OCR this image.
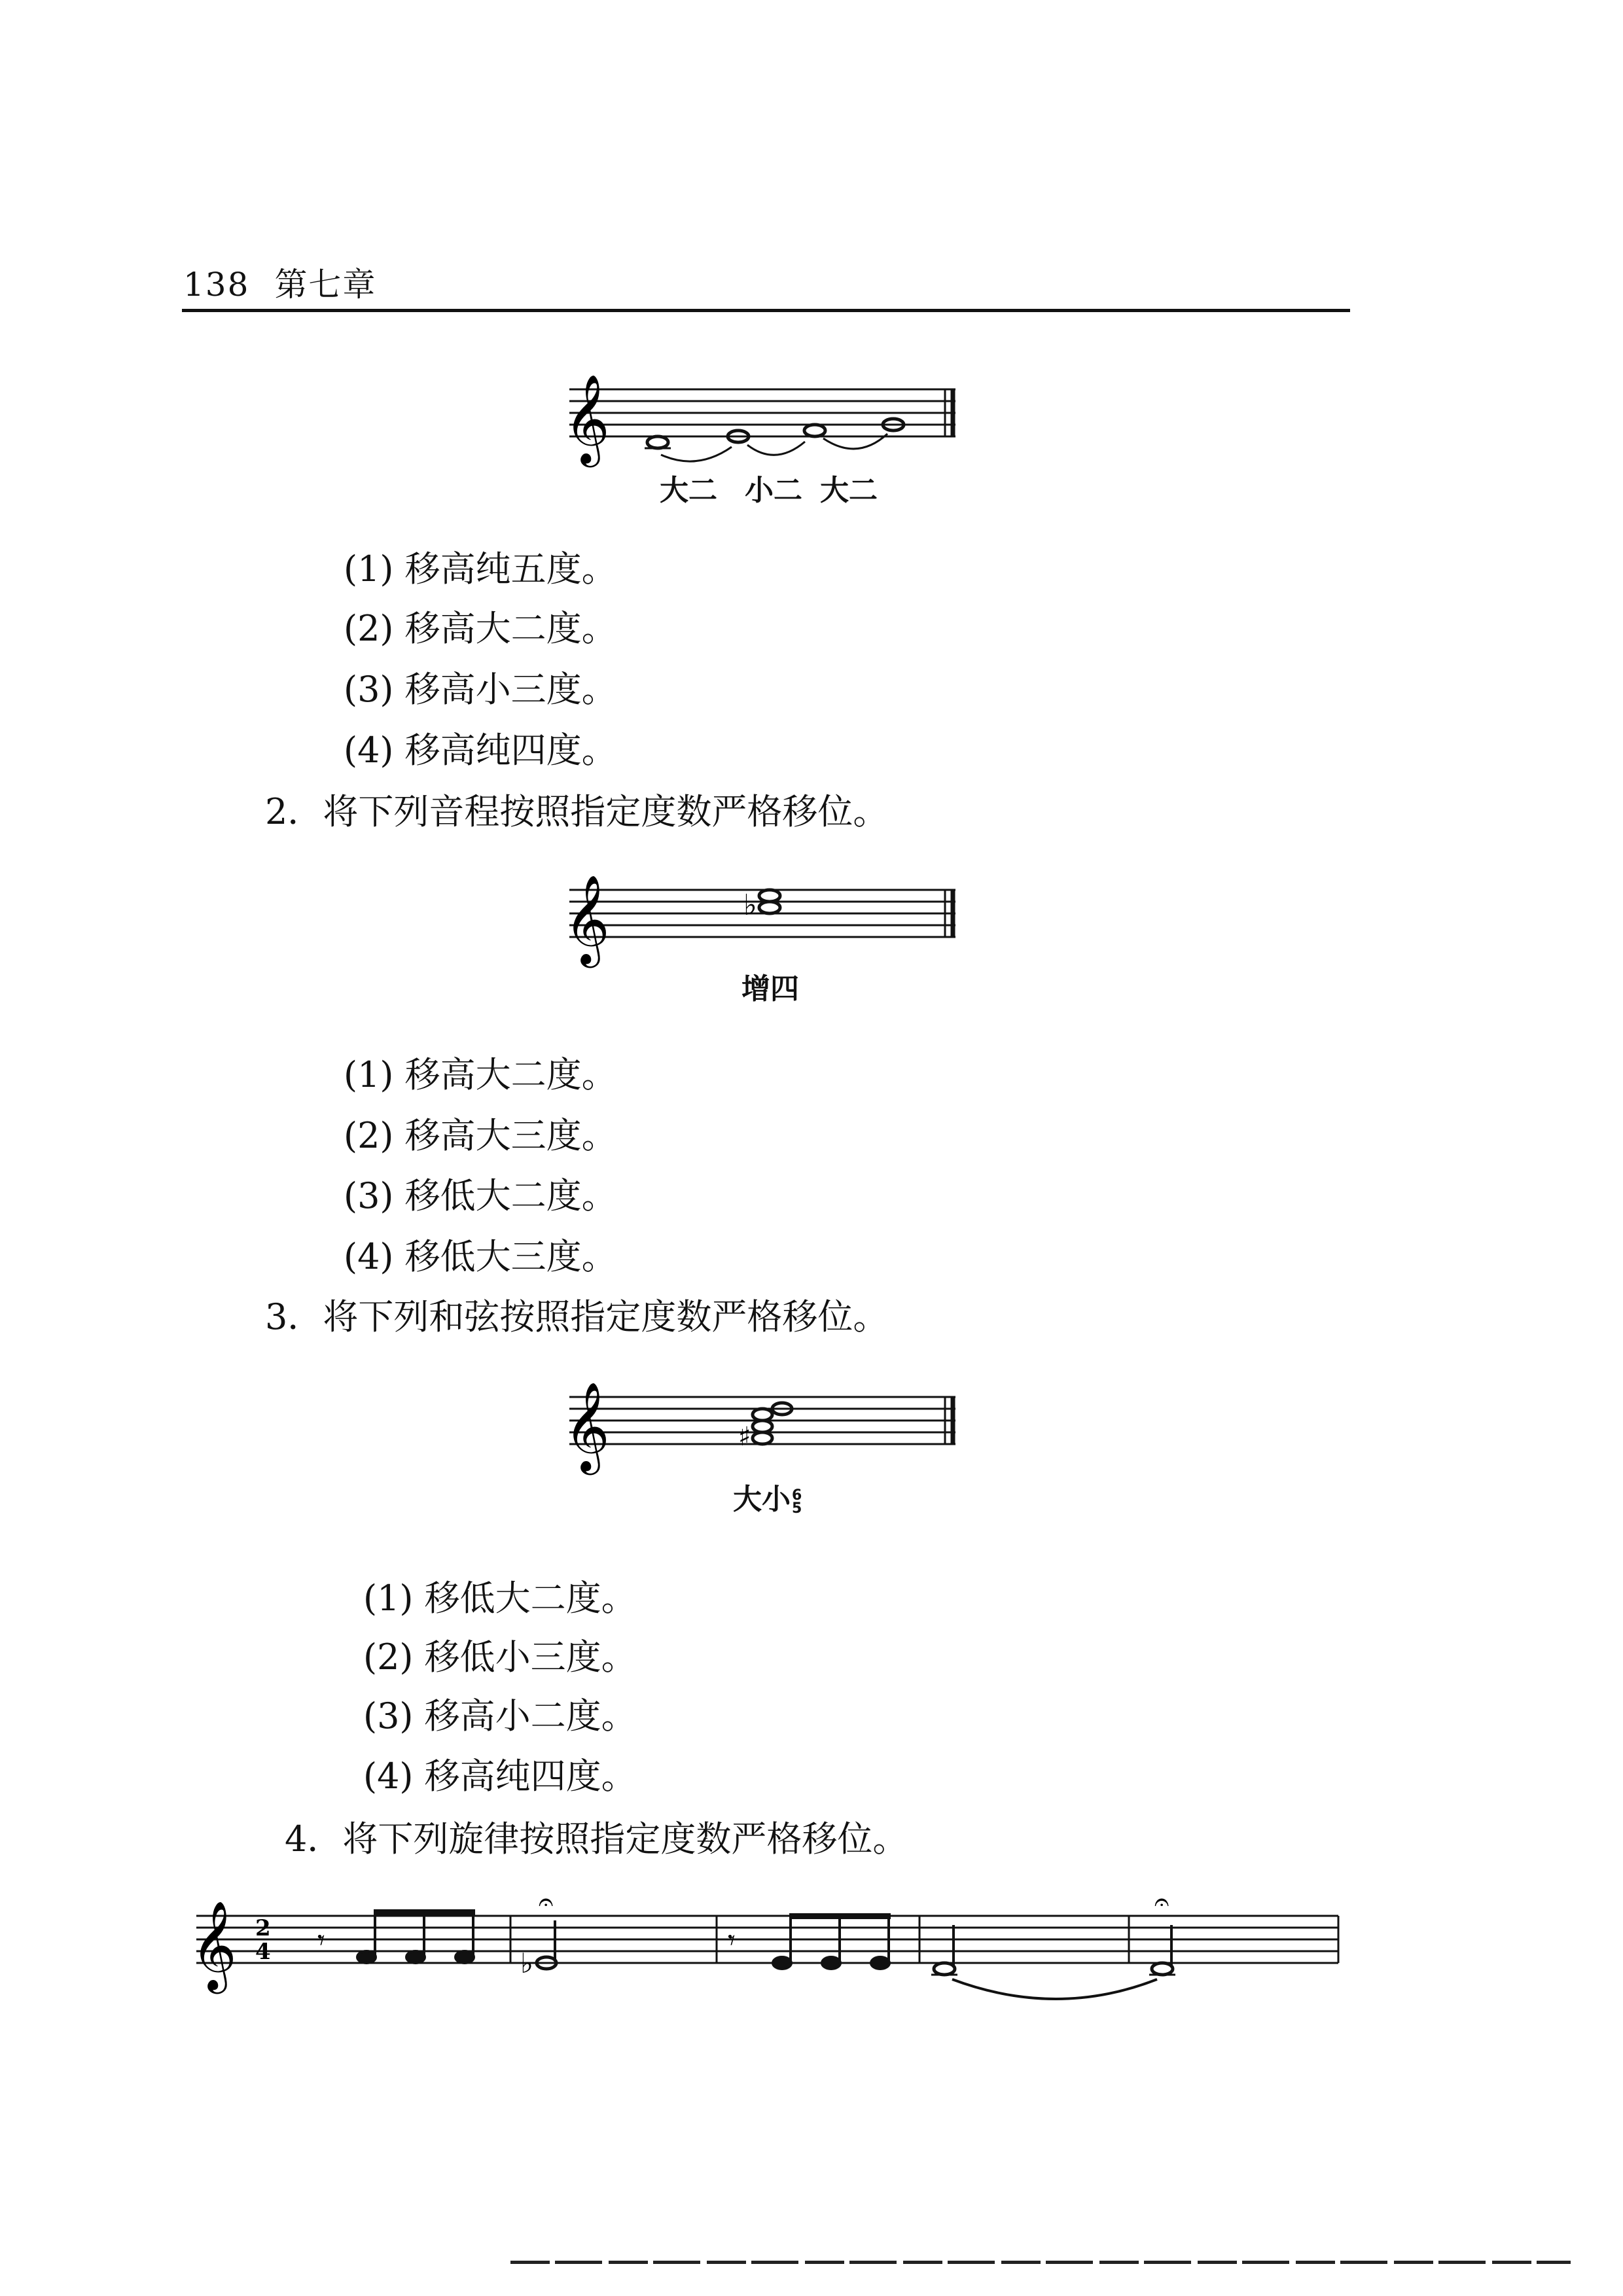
138 第七章
𝄞
大二 小二 大二
(1) 移高纯五度。
(2) 移高大二度。
(3) 移高小三度。
(4) 移高纯四度。
2．将下列音程按照指定度数严格移位。
𝄞	♭
增四
(1) 移高大二度。
(2) 移高大三度。
(3) 移低大二度。
(4) 移低大三度。
3．将下列和弦按照指定度数严格移位。
𝄞	♯
大小 6
5
(1) 移低大二度。
(2) 移低小三度。
(3) 移高小二度。
(4) 移高纯四度。
4．将下列旋律按照指定度数严格移位。
𝄞 2
4 𝄾
♭
𝄐
𝄾
𝄐
